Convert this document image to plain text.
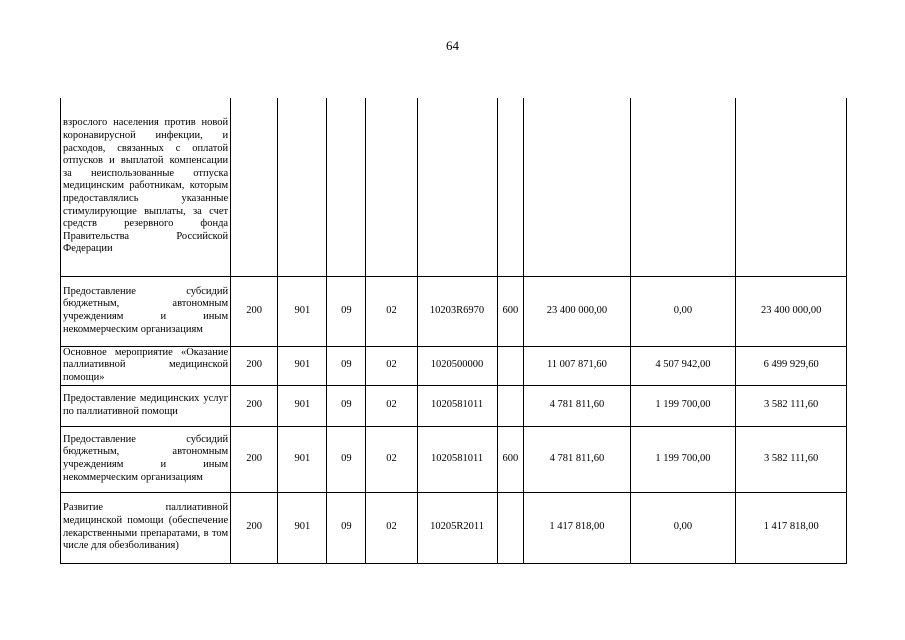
64
взрослого населения против новой коронавирусной инфекции, и расходов, связанных с оплатой отпусков и выплатой компенсации за неиспользованные отпуска медицинским работникам, которым предоставлялись указанные стимулирующие выплаты, за счет средств резервного фонда Правительства Российской Федерации									
Предоставление субсидий бюджетным, автономным учреждениям и иным некоммерческим организациям	200	901	09	02	10203R6970	600	23 400 000,00	0,00	23 400 000,00
Основное мероприятие «Оказание паллиативной медицинской помощи»	200	901	09	02	1020500000		11 007 871,60	4 507 942,00	6 499 929,60
Предоставление медицинских услуг по паллиативной помощи	200	901	09	02	1020581011		4 781 811,60	1 199 700,00	3 582 111,60
Предоставление субсидий бюджетным, автономным учреждениям и иным некоммерческим организациям	200	901	09	02	1020581011	600	4 781 811,60	1 199 700,00	3 582 111,60
Развитие паллиативной медицинской помощи (обеспечение лекарственными препаратами, в том числе для обезболивания)	200	901	09	02	10205R2011		1 417 818,00	0,00	1 417 818,00
